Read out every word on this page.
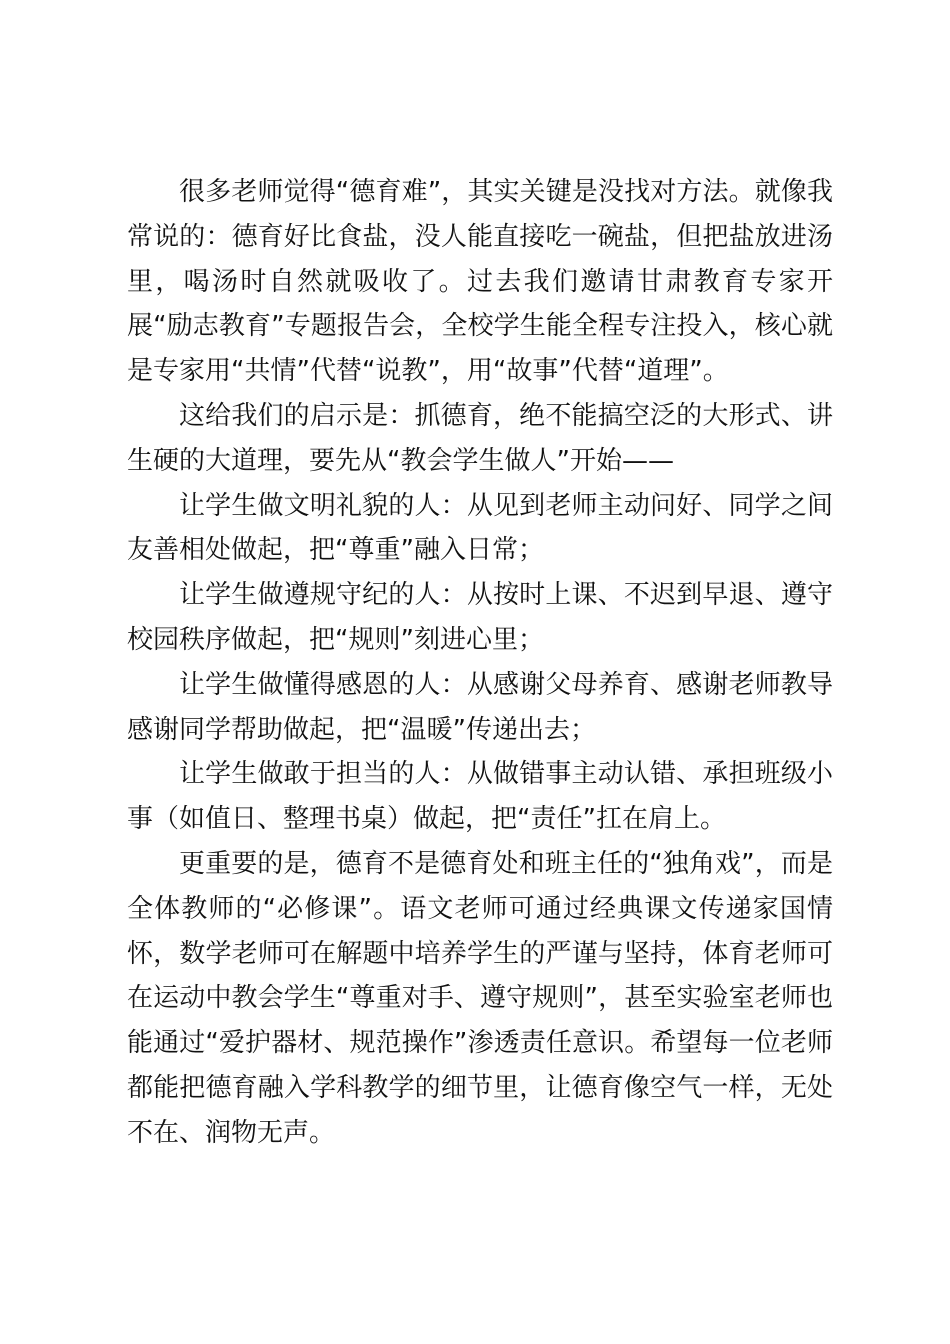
很多老师觉得“德育难”，其实关键是没找对方法。就像我常说的：德育好比食盐，没人能直接吃一碗盐，但把盐放进汤里，喝汤时自然就吸收了。过去我们邀请甘肃教育专家开展“励志教育”专题报告会，全校学生能全程专注投入，核心就是专家用“共情”代替“说教”，用“故事”代替“道理”。

这给我们的启示是：抓德育，绝不能搞空泛的大形式、讲生硬的大道理，要先从“教会学生做人”开始——

让学生做文明礼貌的人：从见到老师主动问好、同学之间友善相处做起，把“尊重”融入日常；

让学生做遵规守纪的人：从按时上课、不迟到早退、遵守校园秩序做起，把“规则”刻进心里；

让学生做懂得感恩的人：从感谢父母养育、感谢老师教导感谢同学帮助做起，把“温暖”传递出去；

让学生做敢于担当的人：从做错事主动认错、承担班级小事（如值日、整理书桌）做起，把“责任”扛在肩上。

更重要的是，德育不是德育处和班主任的“独角戏”，而是全体教师的“必修课”。语文老师可通过经典课文传递家国情怀，数学老师可在解题中培养学生的严谨与坚持，体育老师可在运动中教会学生“尊重对手、遵守规则”，甚至实验室老师也能通过“爱护器材、规范操作”渗透责任意识。希望每一位老师都能把德育融入学科教学的细节里，让德育像空气一样，无处不在、润物无声。
